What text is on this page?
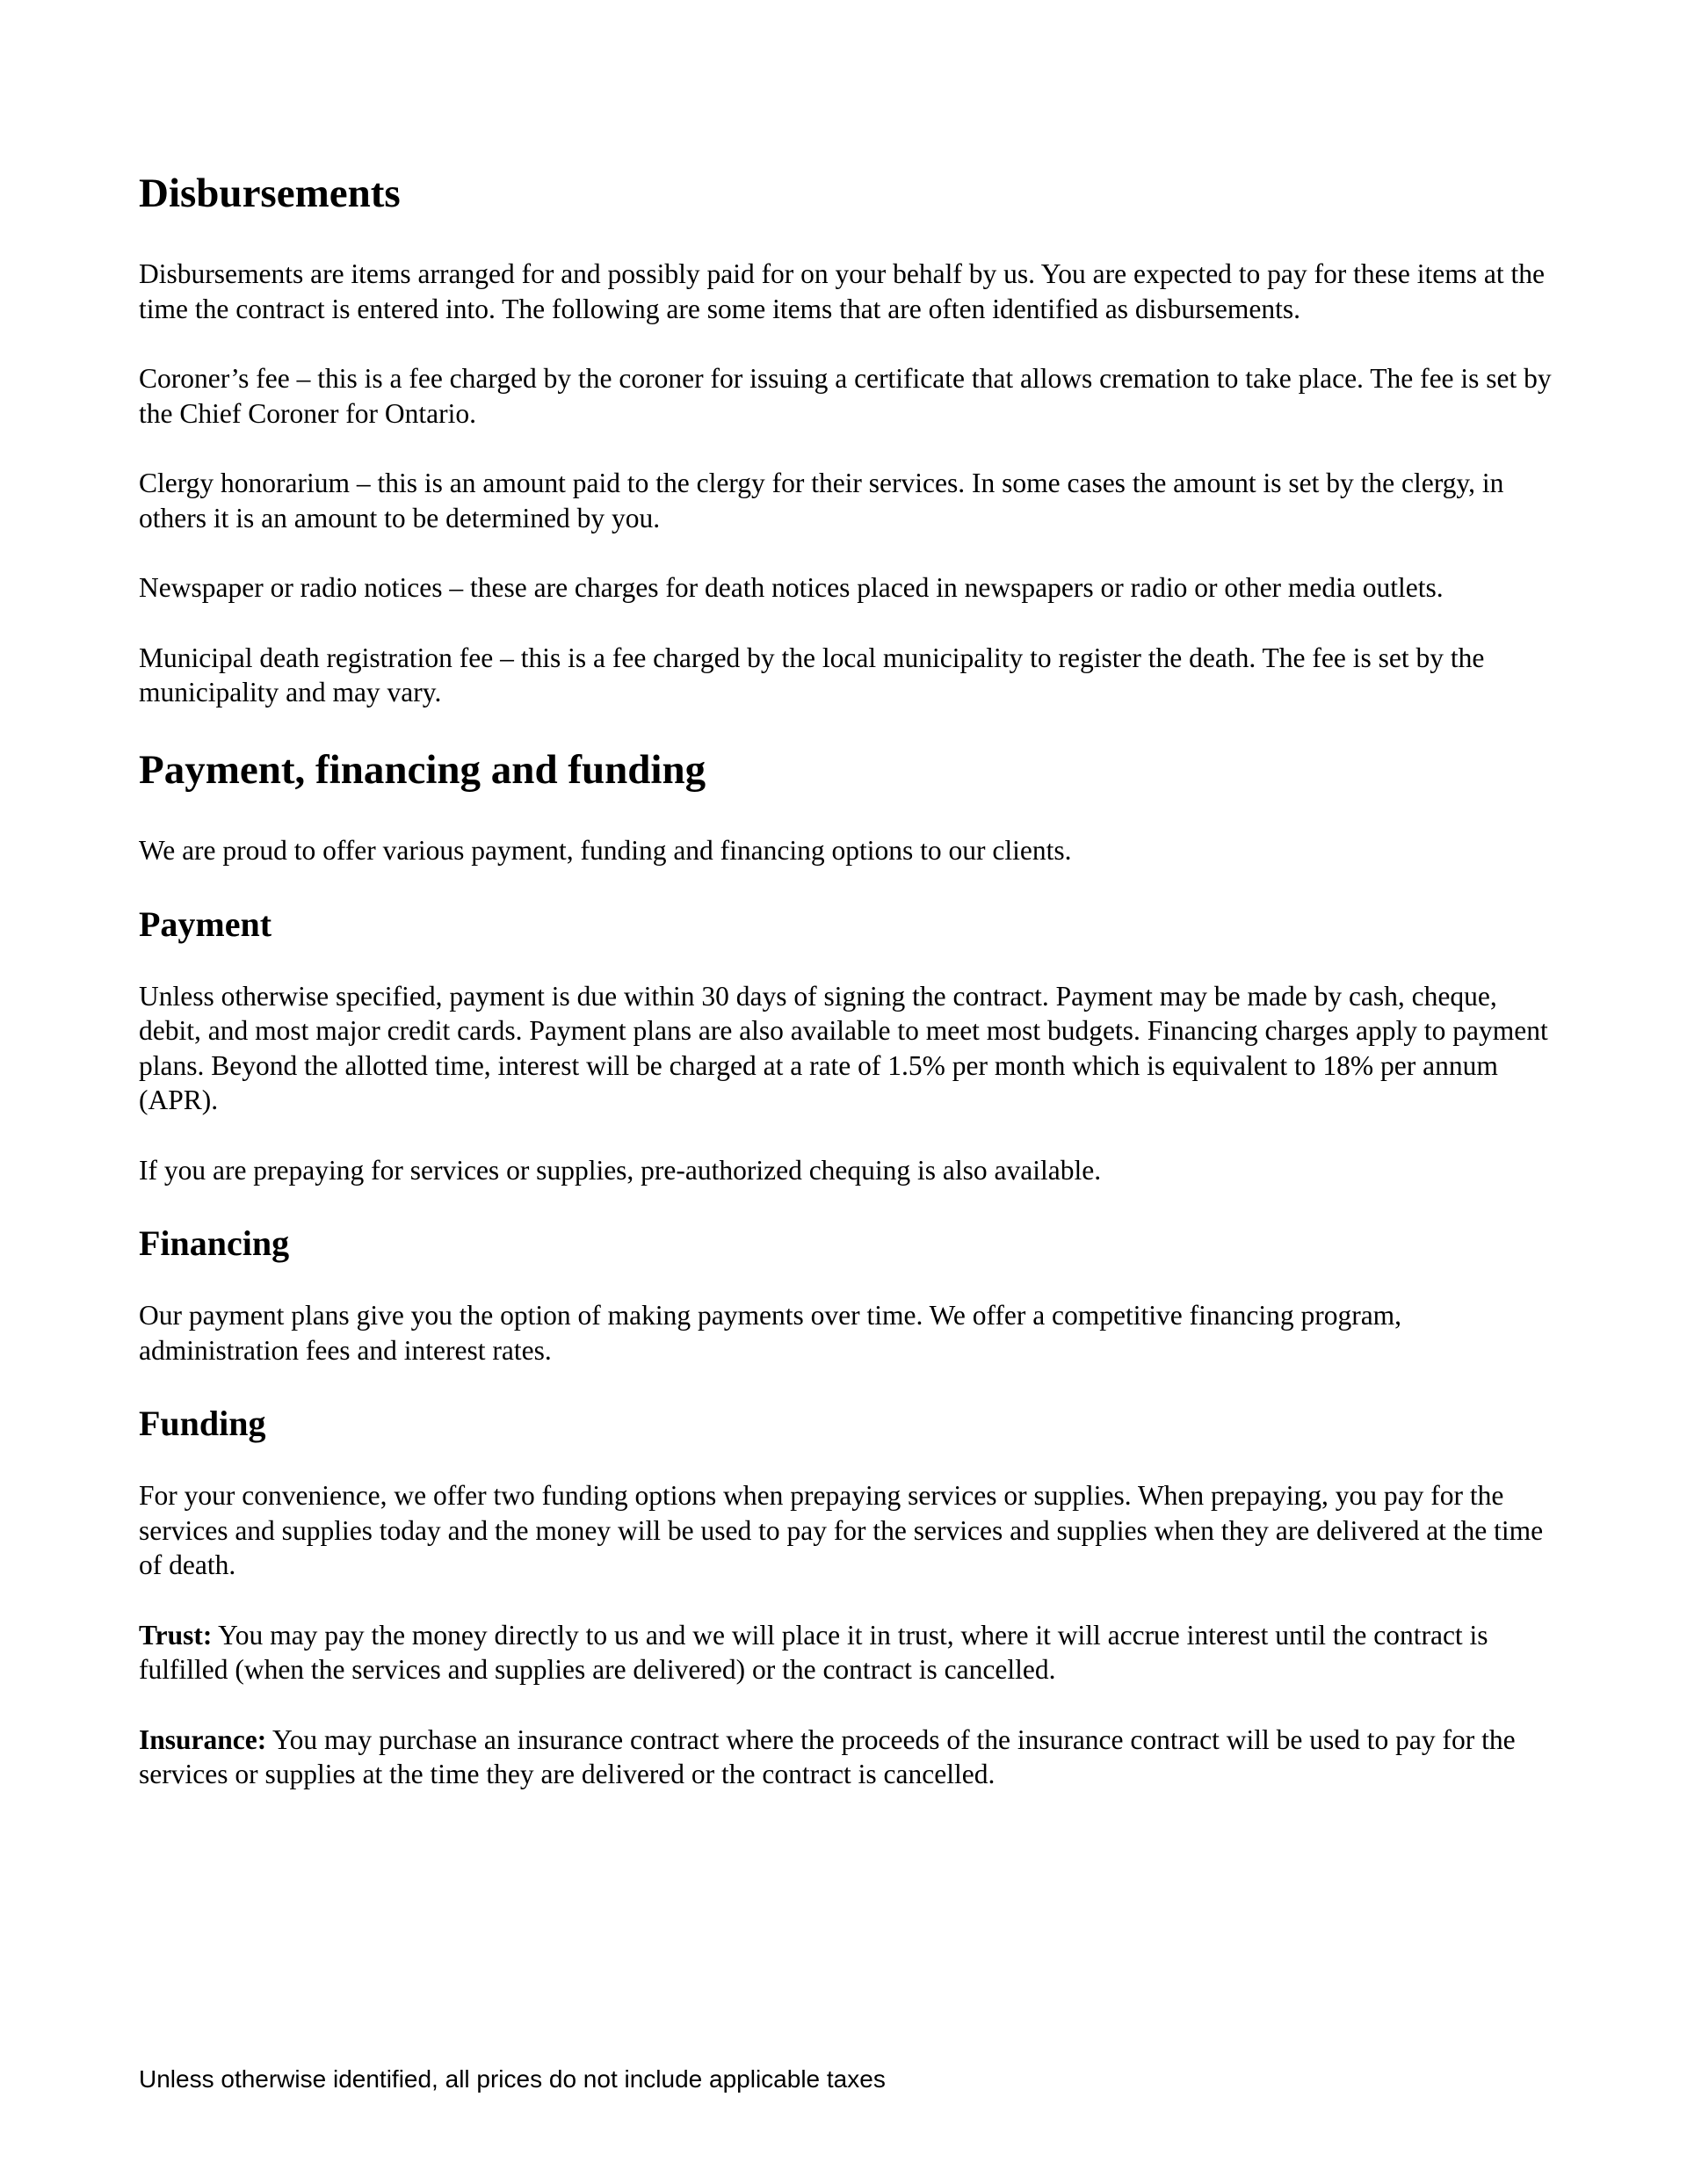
Disbursements

Disbursements are items arranged for and possibly paid for on your behalf by us. You are expected to pay for these items at the time the contract is entered into. The following are some items that are often identified as disbursements.

Coroner’s fee – this is a fee charged by the coroner for issuing a certificate that allows cremation to take place. The fee is set by the Chief Coroner for Ontario.

Clergy honorarium – this is an amount paid to the clergy for their services. In some cases the amount is set by the clergy, in others it is an amount to be determined by you.

Newspaper or radio notices – these are charges for death notices placed in newspapers or radio or other media outlets.

Municipal death registration fee – this is a fee charged by the local municipality to register the death. The fee is set by the municipality and may vary.

Payment, financing and funding

We are proud to offer various payment, funding and financing options to our clients.

Payment

Unless otherwise specified, payment is due within 30 days of signing the contract. Payment may be made by cash, cheque, debit, and most major credit cards. Payment plans are also available to meet most budgets. Financing charges apply to payment plans. Beyond the allotted time, interest will be charged at a rate of 1.5% per month which is equivalent to 18% per annum (APR).

If you are prepaying for services or supplies, pre-authorized chequing is also available.

Financing

Our payment plans give you the option of making payments over time. We offer a competitive financing program, administration fees and interest rates.

Funding

For your convenience, we offer two funding options when prepaying services or supplies. When prepaying, you pay for the services and supplies today and the money will be used to pay for the services and supplies when they are delivered at the time of death.

Trust: You may pay the money directly to us and we will place it in trust, where it will accrue interest until the contract is fulfilled (when the services and supplies are delivered) or the contract is cancelled.

Insurance: You may purchase an insurance contract where the proceeds of the insurance contract will be used to pay for the services or supplies at the time they are delivered or the contract is cancelled.

Unless otherwise identified, all prices do not include applicable taxes
